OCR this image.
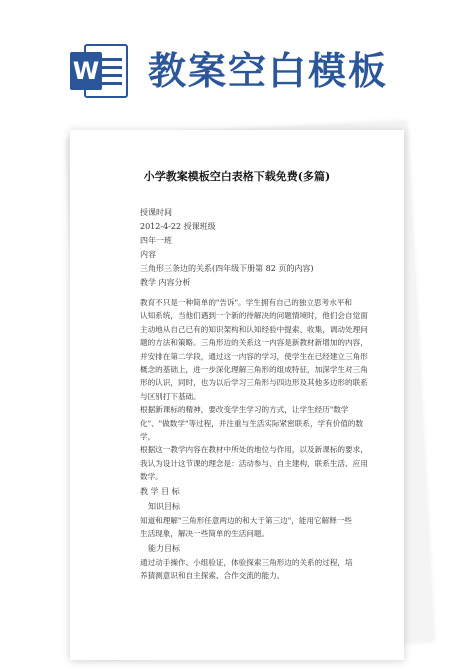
W 教案空白模板
小学教案模板空白表格下载免费(多篇)
授课时间
2012-4-22 授课班级
四年一班
内容
三角形三条边的关系(四年级下册第 82 页的内容)
教学 内容分析
教育不只是一种简单的"告诉"。学生拥有自己的独立思考水平和
认知系统，当他们遇到一个新的待解决的问题情境时，他们会自觉面
主动地从自己已有的知识架构和认知经验中提索、收集，调动处理问
题的方法和策略。三角形边的关系这一内容是新教材新增加的内容，
并安排在第二学段，通过这一内容的学习，使学生在已经建立三角形
概念的基础上，进一步深化理解三角形的组成特征，加深学生对三角
形的认识，同时，也为以后学习三角形与四边形及其他多边形的联系
与区别打下基础。
根据新课标的精神，要改变学生学习的方式，让学生经历"数学
化"、"做数学"等过程，并注重与生活实际紧密联系，学有价值的数学，
根据这一教学内容在教材中所处的地位与作用，以及新课标的要求，
我认为设计这节课的理念是：活动参与、自主建构，联系生活、应用
数学。
教 学 目 标
知识目标
知道和理解"三角形任意两边的和大于第三边"，能用它解释一些
生活现象，解决一些简单的生活问题。
能力目标
通过动手操作、小组验证，体验探索三角形边的关系的过程，培
养猜测意识和自主探索、合作交流的能力。
